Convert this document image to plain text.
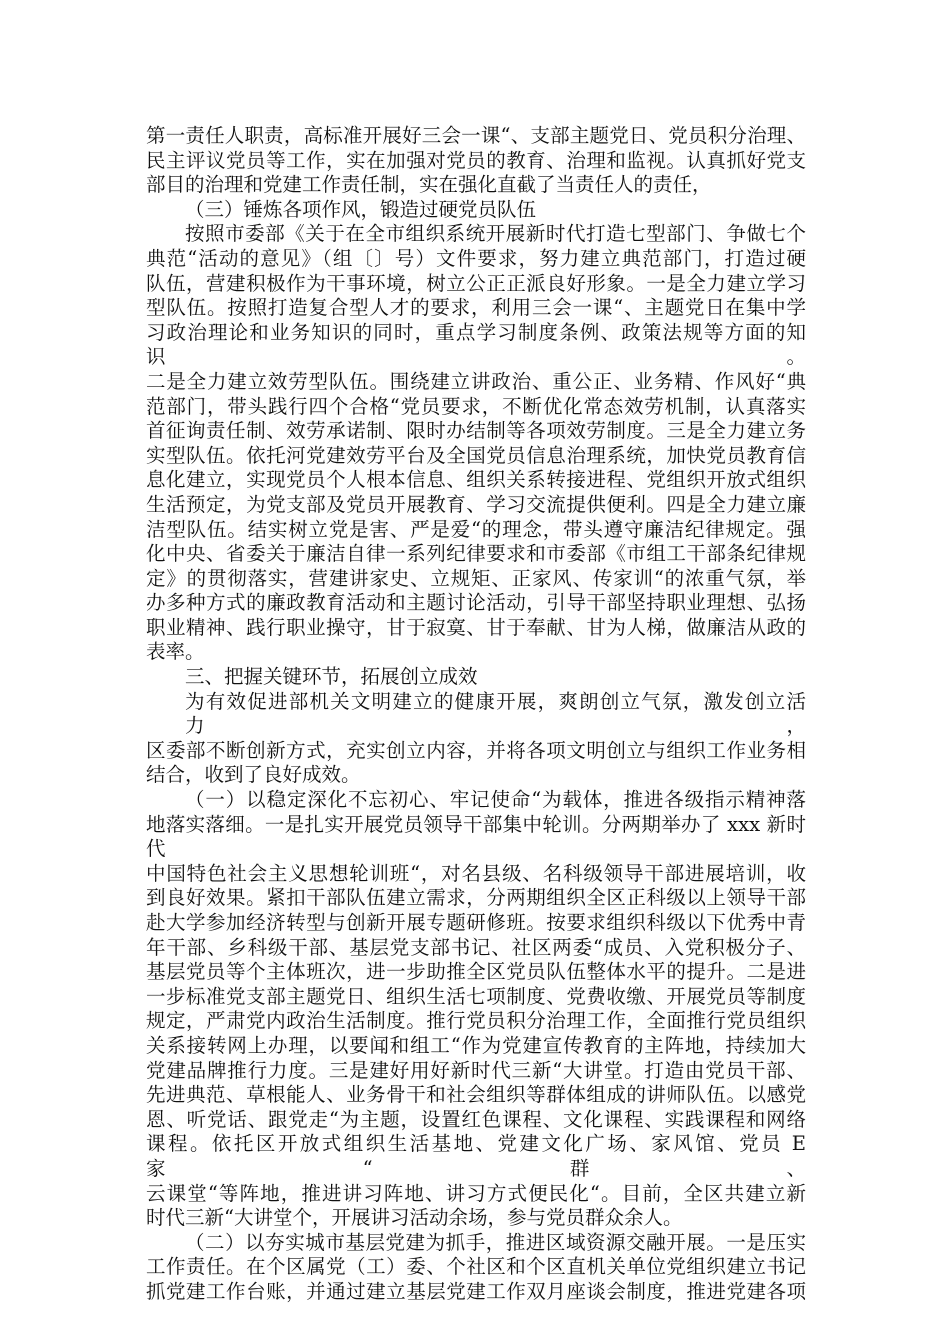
第一责任人职责，高标准开展好三会一课“、支部主题党日、党员积分治理、
民主评议党员等工作，实在加强对党员的教育、治理和监视。认真抓好党支
部目的治理和党建工作责任制，实在强化直截了当责任人的责任，
（三）锤炼各项作风，锻造过硬党员队伍
按照市委部《关于在全市组织系统开展新时代打造七型部门、争做七个
典范“活动的意见》（组〔〕号）文件要求，努力建立典范部门，打造过硬
队伍，营建积极作为干事环境，树立公正正派良好形象。一是全力建立学习
型队伍。按照打造复合型人才的要求，利用三会一课“、主题党日在集中学
习政治理论和业务知识的同时，重点学习制度条例、政策法规等方面的知识。
二是全力建立效劳型队伍。围绕建立讲政治、重公正、业务精、作风好“典
范部门，带头践行四个合格“党员要求，不断优化常态效劳机制，认真落实
首征询责任制、效劳承诺制、限时办结制等各项效劳制度。三是全力建立务
实型队伍。依托河党建效劳平台及全国党员信息治理系统，加快党员教育信
息化建立，实现党员个人根本信息、组织关系转接进程、党组织开放式组织
生活预定，为党支部及党员开展教育、学习交流提供便利。四是全力建立廉
洁型队伍。结实树立党是害、严是爱“的理念，带头遵守廉洁纪律规定。强
化中央、省委关于廉洁自律一系列纪律要求和市委部《市组工干部条纪律规
定》的贯彻落实，营建讲家史、立规矩、正家风、传家训“的浓重气氛，举
办多种方式的廉政教育活动和主题讨论活动，引导干部坚持职业理想、弘扬
职业精神、践行职业操守，甘于寂寞、甘于奉献、甘为人梯，做廉洁从政的
表率。
三、把握关键环节，拓展创立成效
为有效促进部机关文明建立的健康开展，爽朗创立气氛，激发创立活力，
区委部不断创新方式，充实创立内容，并将各项文明创立与组织工作业务相
结合，收到了良好成效。
（一）以稳定深化不忘初心、牢记使命“为载体，推进各级指示精神落
地落实落细。一是扎实开展党员领导干部集中轮训。分两期举办了 xxx 新时代
中国特色社会主义思想轮训班“，对名县级、名科级领导干部进展培训，收
到良好效果。紧扣干部队伍建立需求，分两期组织全区正科级以上领导干部
赴大学参加经济转型与创新开展专题研修班。按要求组织科级以下优秀中青
年干部、乡科级干部、基层党支部书记、社区两委“成员、入党积极分子、
基层党员等个主体班次，进一步助推全区党员队伍整体水平的提升。二是进
一步标准党支部主题党日、组织生活七项制度、党费收缴、开展党员等制度
规定，严肃党内政治生活制度。推行党员积分治理工作，全面推行党员组织
关系接转网上办理，以要闻和组工“作为党建宣传教育的主阵地，持续加大
党建品牌推行力度。三是建好用好新时代三新“大讲堂。打造由党员干部、
先进典范、草根能人、业务骨干和社会组织等群体组成的讲师队伍。以感党
恩、听党话、跟党走“为主题，设置红色课程、文化课程、实践课程和网络
课程。依托区开放式组织生活基地、党建文化广场、家风馆、党员 E 家“群、
云课堂“等阵地，推进讲习阵地、讲习方式便民化“。目前，全区共建立新
时代三新“大讲堂个，开展讲习活动余场，参与党员群众余人。
（二）以夯实城市基层党建为抓手，推进区域资源交融开展。一是压实
工作责任。在个区属党（工）委、个社区和个区直机关单位党组织建立书记
抓党建工作台账，并通过建立基层党建工作双月座谈会制度，推进党建各项
